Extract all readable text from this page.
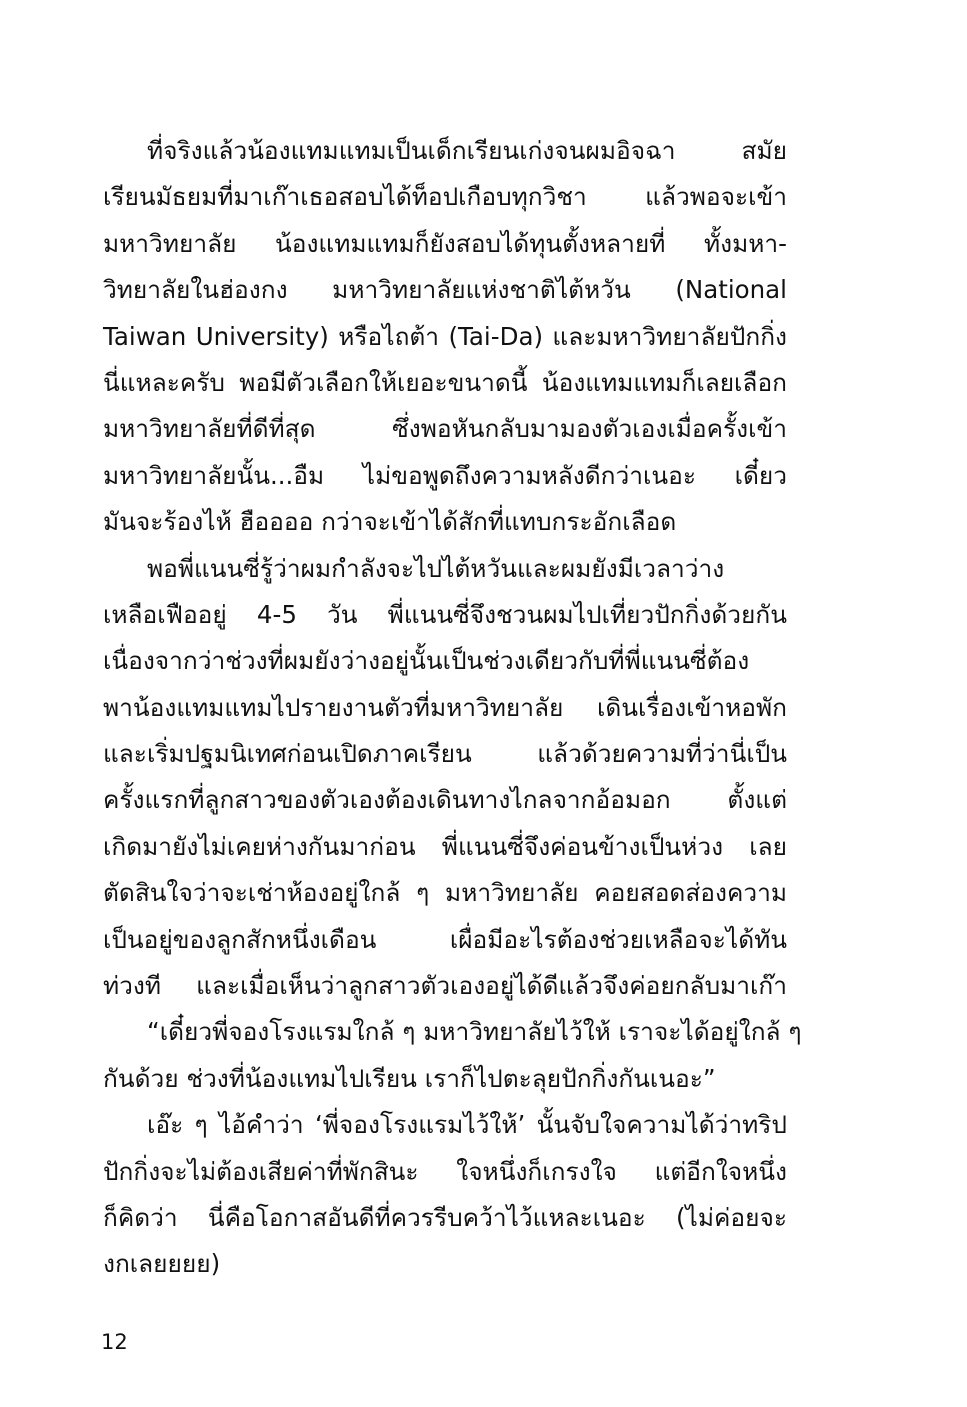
ที่จริงแล้วน้องแทมแทมเป็นเด็กเรียนเก่งจนผมอิจฉา สมัย
เรียนมัธยมที่มาเก๊าเธอสอบได้ท็อปเกือบทุกวิชา แล้วพอจะเข้า
มหาวิทยาลัย น้องแทมแทมก็ยังสอบได้ทุนตั้งหลายที่ ทั้งมหา-
วิทยาลัยในฮ่องกง มหาวิทยาลัยแห่งชาติไต้หวัน (National
Taiwan University) หรือไถต้า (Tai-Da) และมหาวิทยาลัยปักกิ่ง
นี่แหละครับ พอมีตัวเลือกให้เยอะขนาดนี้ น้องแทมแทมก็เลยเลือก
มหาวิทยาลัยที่ดีที่สุด ซึ่งพอหันกลับมามองตัวเองเมื่อครั้งเข้า
มหาวิทยาลัยนั้น...อืม ไม่ขอพูดถึงความหลังดีกว่าเนอะ เดี๋ยว
มันจะร้องไห้ ฮืออออ กว่าจะเข้าได้สักที่แทบกระอักเลือด
พอพี่แนนซี่รู้ว่าผมกำลังจะไปไต้หวันและผมยังมีเวลาว่าง
เหลือเฟืออยู่ 4-5 วัน พี่แนนซี่จึงชวนผมไปเที่ยวปักกิ่งด้วยกัน
เนื่องจากว่าช่วงที่ผมยังว่างอยู่นั้นเป็นช่วงเดียวกับที่พี่แนนซี่ต้อง
พาน้องแทมแทมไปรายงานตัวที่มหาวิทยาลัย เดินเรื่องเข้าหอพัก
และเริ่มปฐมนิเทศก่อนเปิดภาคเรียน แล้วด้วยความที่ว่านี่เป็น
ครั้งแรกที่ลูกสาวของตัวเองต้องเดินทางไกลจากอ้อมอก ตั้งแต่
เกิดมายังไม่เคยห่างกันมาก่อน พี่แนนซี่จึงค่อนข้างเป็นห่วง เลย
ตัดสินใจว่าจะเช่าห้องอยู่ใกล้ ๆ มหาวิทยาลัย คอยสอดส่องความ
เป็นอยู่ของลูกสักหนึ่งเดือน เผื่อมีอะไรต้องช่วยเหลือจะได้ทัน
ท่วงที และเมื่อเห็นว่าลูกสาวตัวเองอยู่ได้ดีแล้วจึงค่อยกลับมาเก๊า
“เดี๋ยวพี่จองโรงแรมใกล้ ๆ มหาวิทยาลัยไว้ให้ เราจะได้อยู่ใกล้ ๆ
กันด้วย ช่วงที่น้องแทมไปเรียน เราก็ไปตะลุยปักกิ่งกันเนอะ”
เอ๊ะ ๆ ไอ้คำว่า ‘พี่จองโรงแรมไว้ให้’ นั้นจับใจความได้ว่าทริป
ปักกิ่งจะไม่ต้องเสียค่าที่พักสินะ ใจหนึ่งก็เกรงใจ แต่อีกใจหนึ่ง
ก็คิดว่า นี่คือโอกาสอันดีที่ควรรีบคว้าไว้แหละเนอะ (ไม่ค่อยจะ
งกเลยยยย)
12
